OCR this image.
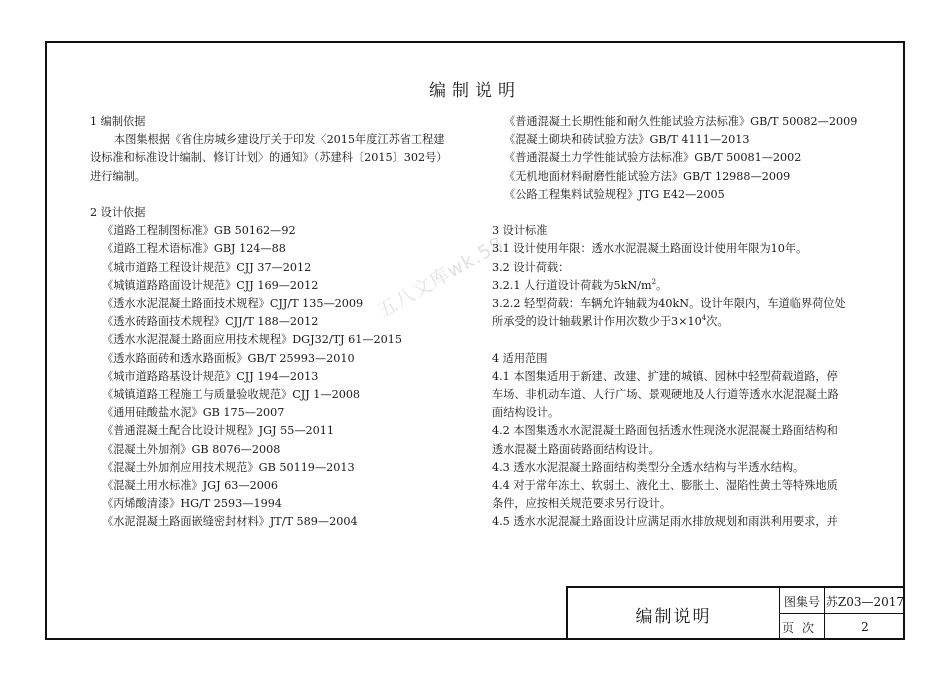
编制说明
五八文库wk.58
1 编制依据
本图集根据《省住房城乡建设厅关于印发〈2015年度江苏省工程建
设标准和标准设计编制、修订计划〉的通知》（苏建科〔2015〕302号）
进行编制。
2 设计依据
《道路工程制图标准》GB 50162—92
《道路工程术语标准》GBJ 124—88
《城市道路工程设计规范》CJJ 37—2012
《城镇道路路面设计规范》CJJ 169—2012
《透水水泥混凝土路面技术规程》CJJ/T 135—2009
《透水砖路面技术规程》CJJ/T 188—2012
《透水水泥混凝土路面应用技术规程》DGJ32/TJ 61—2015
《透水路面砖和透水路面板》GB/T 25993—2010
《城市道路路基设计规范》CJJ 194—2013
《城镇道路工程施工与质量验收规范》CJJ 1—2008
《通用硅酸盐水泥》GB 175—2007
《普通混凝土配合比设计规程》JGJ 55—2011
《混凝土外加剂》GB 8076—2008
《混凝土外加剂应用技术规范》GB 50119—2013
《混凝土用水标准》JGJ 63—2006
《丙烯酸清漆》HG/T 2593—1994
《水泥混凝土路面嵌缝密封材料》JT/T 589—2004
《普通混凝土长期性能和耐久性能试验方法标准》GB/T 50082—2009
《混凝土砌块和砖试验方法》GB/T 4111—2013
《普通混凝土力学性能试验方法标准》GB/T 50081—2002
《无机地面材料耐磨性能试验方法》GB/T 12988—2009
《公路工程集料试验规程》JTG E42—2005
3 设计标准
3.1 设计使用年限：透水水泥混凝土路面设计使用年限为10年。
3.2 设计荷载：
3.2.1 人行道设计荷载为$5kN/m^2$。
3.2.2 轻型荷载：车辆允许轴载为40kN。设计年限内，车道临界荷位处
所承受的设计轴载累计作用次数少于$3\times 10^4$次。
4 适用范围
4.1 本图集适用于新建、改建、扩建的城镇、园林中轻型荷载道路，停
车场、非机动车道、人行广场、景观硬地及人行道等透水水泥混凝土路
面结构设计。
4.2 本图集透水水泥混凝土路面包括透水性现浇水泥混凝土路面结构和
透水混凝土路面砖路面结构设计。
4.3 透水水泥混凝土路面结构类型分全透水结构与半透水结构。
4.4 对于常年冻土、软弱土、液化土、膨胀土、湿陷性黄土等特殊地质
条件，应按相关规范要求另行设计。
4.5 透水水泥混凝土路面设计应满足雨水排放规划和雨洪利用要求，并
编制说明
图集号 苏Z03—2017
页次	2
